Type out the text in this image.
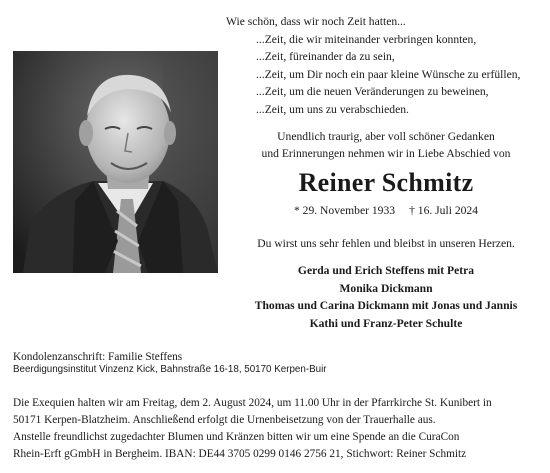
Wie schön, dass wir noch Zeit hatten...

...Zeit, die wir miteinander verbringen konnten,

...Zeit, füreinander da zu sein,

...Zeit, um Dir noch ein paar kleine Wünsche zu erfüllen,

...Zeit, um die neuen Veränderungen zu beweinen,

...Zeit, um uns zu verabschieden.

Unendlich traurig, aber voll schöner Gedanken

und Erinnerungen nehmen wir in Liebe Abschied von

Reiner Schmitz
* 29. November 1933 † 16. Juli 2024
Du wirst uns sehr fehlen und bleibst in unseren Herzen.

Gerda und Erich Steffens mit Petra

Monika Dickmann

Thomas und Carina Dickmann mit Jonas und Jannis

Kathi und Franz-Peter Schulte

Kondolenzanschrift: Familie Steffens
Beerdigungsinstitut Vinzenz Kick, Bahnstraße 16-18, 50170 Kerpen-Buir

Die Exequien halten wir am Freitag, dem 2. August 2024, um 11.00 Uhr in der Pfarrkirche St. Kunibert in

50171 Kerpen-Blatzheim. Anschließend erfolgt die Urnenbeisetzung von der Trauerhalle aus.

Anstelle freundlichst zugedachter Blumen und Kränzen bitten wir um eine Spende an die CuraCon

Rhein-Erft gGmbH in Bergheim. IBAN: DE44 3705 0299 0146 2756 21, Stichwort: Reiner Schmitz
